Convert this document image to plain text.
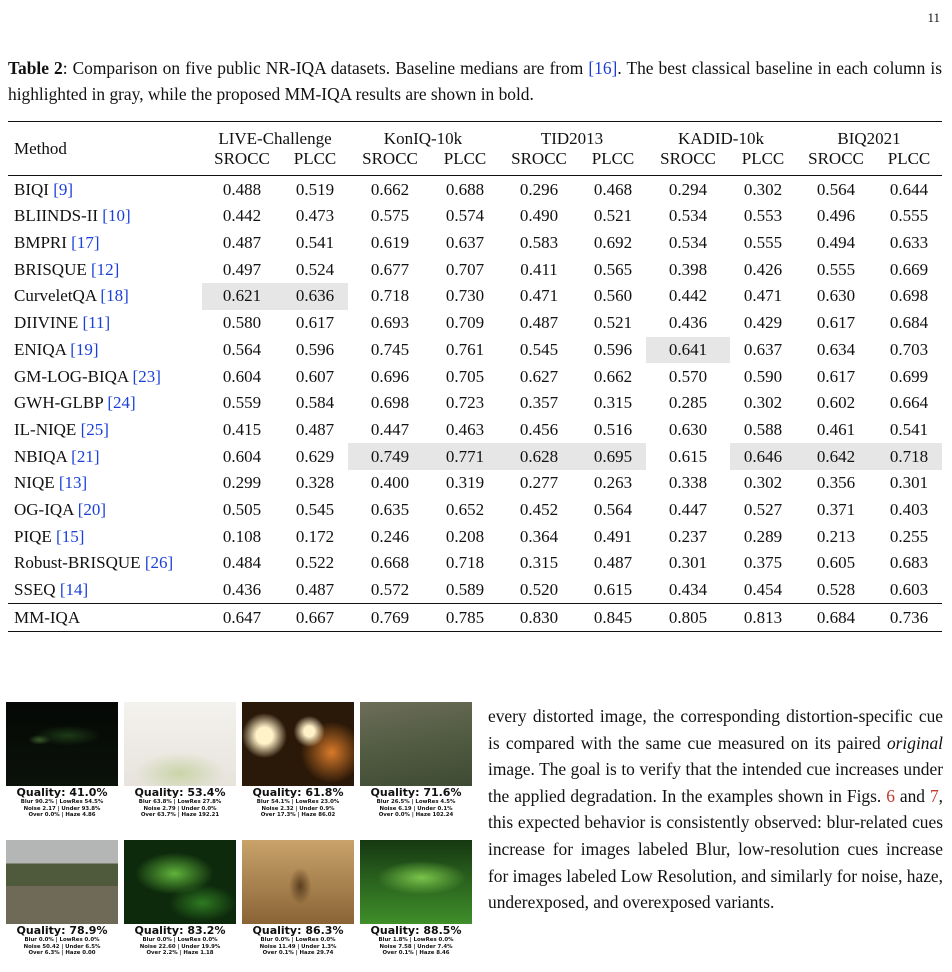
11
Table 2: Comparison on five public NR-IQA datasets. Baseline medians are from [16]. The best classical baseline in each column is highlighted in gray, while the proposed MM-IQA results are shown in bold.
Method	LIVE-Challenge		KonIQ-10k		TID2013		KADID-10k		BIQ2021	
	SROCC	PLCC	SROCC	PLCC	SROCC	PLCC	SROCC	PLCC	SROCC	PLCC
BIQI [9]	0.488	0.519	0.662	0.688	0.296	0.468	0.294	0.302	0.564	0.644
BLIINDS-II [10]	0.442	0.473	0.575	0.574	0.490	0.521	0.534	0.553	0.496	0.555
BMPRI [17]	0.487	0.541	0.619	0.637	0.583	0.692	0.534	0.555	0.494	0.633
BRISQUE [12]	0.497	0.524	0.677	0.707	0.411	0.565	0.398	0.426	0.555	0.669
CurveletQA [18]	0.621	0.636	0.718	0.730	0.471	0.560	0.442	0.471	0.630	0.698
DIIVINE [11]	0.580	0.617	0.693	0.709	0.487	0.521	0.436	0.429	0.617	0.684
ENIQA [19]	0.564	0.596	0.745	0.761	0.545	0.596	0.641	0.637	0.634	0.703
GM-LOG-BIQA [23]	0.604	0.607	0.696	0.705	0.627	0.662	0.570	0.590	0.617	0.699
GWH-GLBP [24]	0.559	0.584	0.698	0.723	0.357	0.315	0.285	0.302	0.602	0.664
IL-NIQE [25]	0.415	0.487	0.447	0.463	0.456	0.516	0.630	0.588	0.461	0.541
NBIQA [21]	0.604	0.629	0.749	0.771	0.628	0.695	0.615	0.646	0.642	0.718
NIQE [13]	0.299	0.328	0.400	0.319	0.277	0.263	0.338	0.302	0.356	0.301
OG-IQA [20]	0.505	0.545	0.635	0.652	0.452	0.564	0.447	0.527	0.371	0.403
PIQE [15]	0.108	0.172	0.246	0.208	0.364	0.491	0.237	0.289	0.213	0.255
Robust-BRISQUE [26]	0.484	0.522	0.668	0.718	0.315	0.487	0.301	0.375	0.605	0.683
SSEQ [14]	0.436	0.487	0.572	0.589	0.520	0.615	0.434	0.454	0.528	0.603
MM-IQA	0.647	0.667	0.769	0.785	0.830	0.845	0.805	0.813	0.684	0.736
Quality: 41.0%
Blur 90.2% | LowRes 54.5%
Noise 2.17 | Under 93.8%
Over 0.0% | Haze 4.86
Quality: 53.4%
Blur 63.8% | LowRes 27.8%
Noise 2.79 | Under 0.0%
Over 63.7% | Haze 192.21
Quality: 61.8%
Blur 54.1% | LowRes 23.0%
Noise 2.32 | Under 0.9%
Over 17.3% | Haze 86.02
Quality: 71.6%
Blur 26.5% | LowRes 4.5%
Noise 6.19 | Under 0.1%
Over 0.0% | Haze 102.24
Quality: 78.9%
Blur 0.0% | LowRes 0.0%
Noise 50.42 | Under 6.5%
Over 6.3% | Haze 0.00
Quality: 83.2%
Blur 0.0% | LowRes 0.0%
Noise 22.60 | Under 19.9%
Over 2.2% | Haze 1.18
Quality: 86.3%
Blur 0.0% | LowRes 0.0%
Noise 11.49 | Under 1.3%
Over 0.1% | Haze 29.74
Quality: 88.5%
Blur 1.8% | LowRes 0.0%
Noise 7.58 | Under 7.4%
Over 0.1% | Haze 8.46
every distorted image, the corresponding distortion-specific cue is compared with the same cue measured on its paired original image. The goal is to verify that the intended cue increases under the applied degradation. In the examples shown in Figs. 6 and 7, this expected behavior is consistently observed: blur-related cues increase for images labeled Blur, low-resolution cues increase for images labeled Low Resolution, and similarly for noise, haze, underexposed, and overexposed variants.
